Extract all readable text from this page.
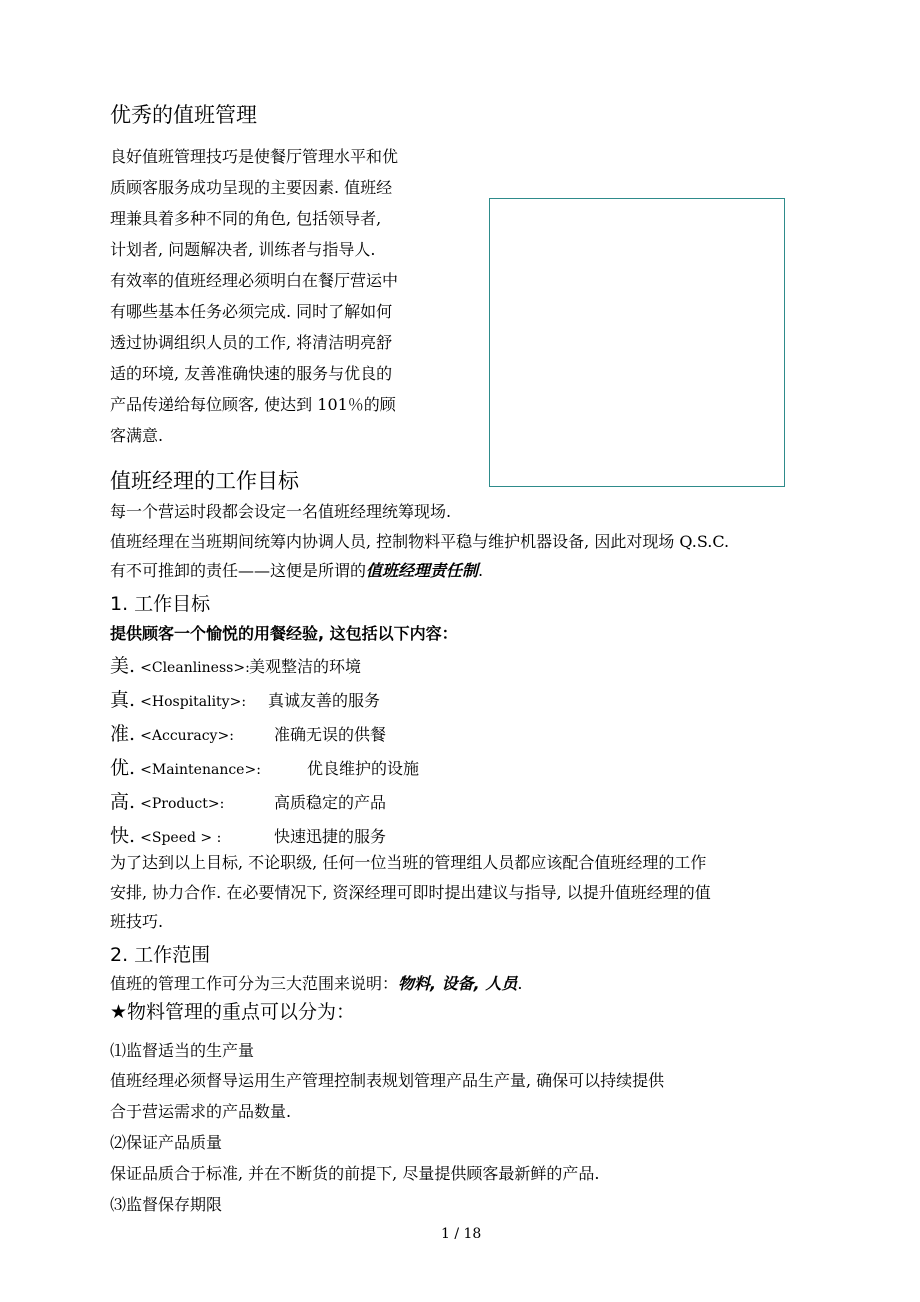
优秀的值班管理
良好值班管理技巧是使餐厅管理水平和优
质顾客服务成功呈现的主要因素. 值班经
理兼具着多种不同的角色, 包括领导者,
计划者, 问题解决者, 训练者与指导人.
有效率的值班经理必须明白在餐厅营运中
有哪些基本任务必须完成. 同时了解如何
透过协调组织人员的工作, 将清洁明亮舒
适的环境, 友善准确快速的服务与优良的
产品传递给每位顾客, 使达到 101％的顾
客满意.
值班经理的工作目标
每一个营运时段都会设定一名值班经理统筹现场.
值班经理在当班期间统筹内协调人员, 控制物料平稳与维护机器设备, 因此对现场 Q.S.C.
有不可推卸的责任——这便是所谓的值班经理责任制.
1. 工作目标
提供顾客一个愉悦的用餐经验, 这包括以下内容：
美. <Cleanliness>: 美观整洁的环境
真. <Hospitality>: 真诚友善的服务
准. <Accuracy>:	准确无误的供餐
优. <Maintenance>:	优良维护的设施
高. <Product>:	高质稳定的产品
快. <Speed > :	快速迅捷的服务
为了达到以上目标, 不论职级, 任何一位当班的管理组人员都应该配合值班经理的工作
安排, 协力合作. 在必要情况下, 资深经理可即时提出建议与指导, 以提升值班经理的值
班技巧.
2. 工作范围
值班的管理工作可分为三大范围来说明：物料, 设备, 人员.
★物料管理的重点可以分为：
⑴监督适当的生产量
值班经理必须督导运用生产管理控制表规划管理产品生产量, 确保可以持续提供
合于营运需求的产品数量.
⑵保证产品质量
保证品质合于标准, 并在不断货的前提下, 尽量提供顾客最新鲜的产品.
⑶监督保存期限
1 / 18
